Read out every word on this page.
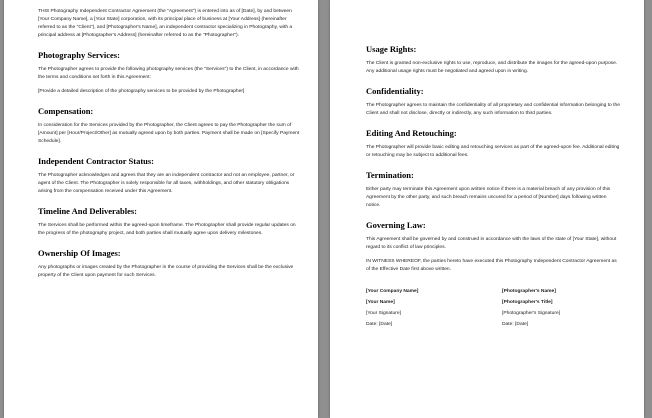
THIS Photography Independent Contractor Agreement (the "Agreement") is entered into as of [Date], by and between [Your Company Name], a [Your State] corporation, with its principal place of business at [Your Address] (hereinafter referred to as the "Client"), and [Photographer's Name], an independent contractor specializing in Photography, with a principal address at [Photographer's Address] (hereinafter referred to as the "Photographer").

Photography Services:

The Photographer agrees to provide the following photography services (the "Services") to the Client, in accordance with the terms and conditions set forth in this Agreement:

[Provide a detailed description of the photography services to be provided by the Photographer]

Compensation:

In consideration for the Services provided by the Photographer, the Client agrees to pay the Photographer the sum of [Amount] per [Hour/Project/Other] as mutually agreed upon by both parties. Payment shall be made on [Specify Payment Schedule].

Independent Contractor Status:

The Photographer acknowledges and agrees that they are an independent contractor and not an employee, partner, or agent of the Client. The Photographer is solely responsible for all taxes, withholdings, and other statutory obligations arising from the compensation received under this Agreement.

Timeline And Deliverables:

The Services shall be performed within the agreed-upon timeframe. The Photographer shall provide regular updates on the progress of the photography project, and both parties shall mutually agree upon delivery milestones.

Ownership Of Images:

Any photographs or images created by the Photographer in the course of providing the Services shall be the exclusive property of the Client upon payment for such Services.

Usage Rights:

The Client is granted non-exclusive rights to use, reproduce, and distribute the images for the agreed-upon purpose. Any additional usage rights must be negotiated and agreed upon in writing.

Confidentiality:

The Photographer agrees to maintain the confidentiality of all proprietary and confidential information belonging to the Client and shall not disclose, directly or indirectly, any such information to third parties.

Editing And Retouching:

The Photographer will provide basic editing and retouching services as part of the agreed-upon fee. Additional editing or retouching may be subject to additional fees.

Termination:

Either party may terminate this Agreement upon written notice if there is a material breach of any provision of this Agreement by the other party, and such breach remains uncured for a period of [Number] days following written notice.

Governing Law:

This Agreement shall be governed by and construed in accordance with the laws of the state of [Your State], without regard to its conflict of law principles.

IN WITNESS WHEREOF, the parties hereto have executed this Photography Independent Contractor Agreement as of the Effective Date first above written.

[Your Company Name]
[Your Name]
[Your Signature]
Date: [Date]
[Photographer's Name]
[Photographer's Title]
[Photographer's Signature]
Date: [Date]
